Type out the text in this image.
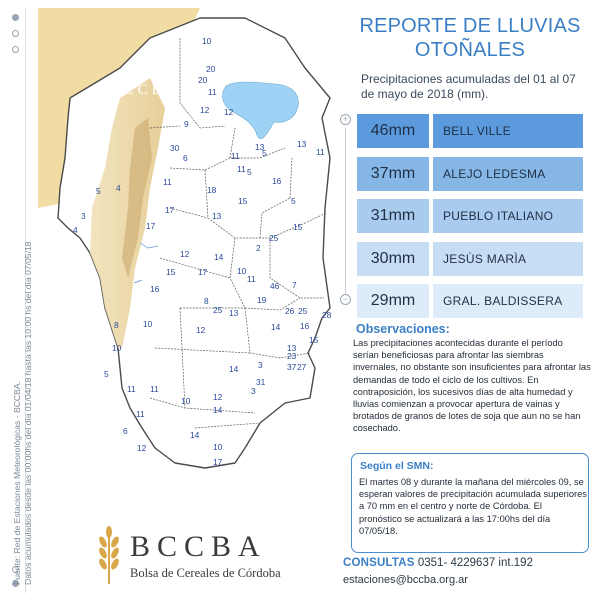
Fuente: Red de Estaciones Meteorológicas - BCCBA. Datos acumulados desde las 00:00hs del día 01/04/18 hasta las 10:00 hs del día 07/05/18
BCCBA
10
20
20
11
12 12
9
30	13	13
11
5
11
6
5
16
11
11
5 4	18
15	5
17
13
4
3
17
25
15
2
12	14
15	17	10
11
46 7
16
8	19
25 13	26 25 28
10	14 16
15
8	12
10	13
23
37 27
3
14
5
31
3
11 11
10	12
14
11
6	14
12
17
10
+
−
REPORTE DE LLUVIAS
OTOÑALES
Precipitaciones acumuladas del 01 al 07 de mayo de 2018 (mm).
46mm	BELL VILLE
37mm	ALEJO LEDESMA
31mm	PUEBLO ITALIANO
30mm	JESÙS MARÌA
29mm	GRAL. BALDISSERA
Observaciones:
Las precipitaciones acontecidas durante el período serían beneficiosas para afrontar las siembras invernales, no obstante son insuficientes para afrontar las demandas de todo el ciclo de los cultivos. En contraposición, los sucesivos días de alta humedad y lluvias comienzan a provocar apertura de vainas y brotados de granos de lotes de soja que aun no se han cosechado.
Según el SMN:
El martes 08 y durante la mañana del miércoles 09, se esperan valores de precipitación acumulada superiores a 70 mm en el centro y norte de Córdoba. El pronóstico se actualizará a las 17:00hs del día 07/05/18.
CONSULTAS 0351- 4229637 int.192
estaciones@bccba.org.ar
BCCBA
Bolsa de Cereales de Córdoba
